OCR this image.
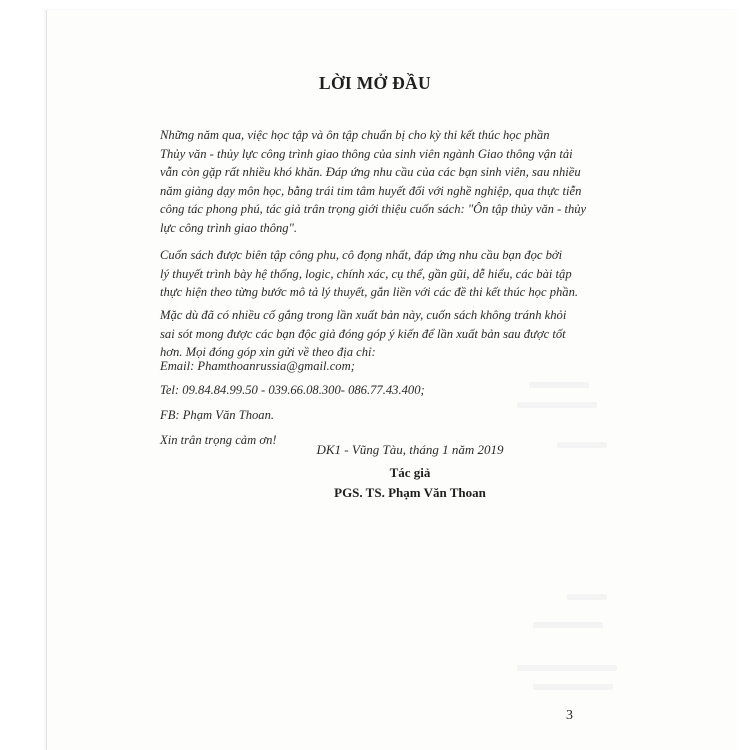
LỜI MỞ ĐẦU
Những năm qua, việc học tập và ôn tập chuẩn bị cho kỳ thi kết thúc học phần
Thủy văn - thủy lực công trình giao thông của sinh viên ngành Giao thông vận tải
vẫn còn gặp rất nhiều khó khăn. Đáp ứng nhu cầu của các bạn sinh viên, sau nhiều
năm giảng dạy môn học, bằng trái tim tâm huyết đối với nghề nghiệp, qua thực tiễn
công tác phong phú, tác giả trân trọng giới thiệu cuốn sách: "Ôn tập thủy văn - thủy
lực công trình giao thông".
Cuốn sách được biên tập công phu, cô đọng nhất, đáp ứng nhu cầu bạn đọc bởi
lý thuyết trình bày hệ thống, logic, chính xác, cụ thể, gần gũi, dễ hiểu, các bài tập
thực hiện theo từng bước mô tả lý thuyết, gắn liền với các đề thi kết thúc học phần.
Mặc dù đã có nhiều cố gắng trong lần xuất bản này, cuốn sách không tránh khỏi
sai sót mong được các bạn độc giả đóng góp ý kiến để lần xuất bản sau được tốt
hơn. Mọi đóng góp xin gửi về theo địa chỉ:
Email: Phamthoanrussia@gmail.com;
Tel: 09.84.84.99.50 - 039.66.08.300- 086.77.43.400;
FB: Phạm Văn Thoan.
Xin trân trọng cảm ơn!
DK1 - Vũng Tàu, tháng 1 năm 2019
Tác giả
PGS. TS. Phạm Văn Thoan
3
